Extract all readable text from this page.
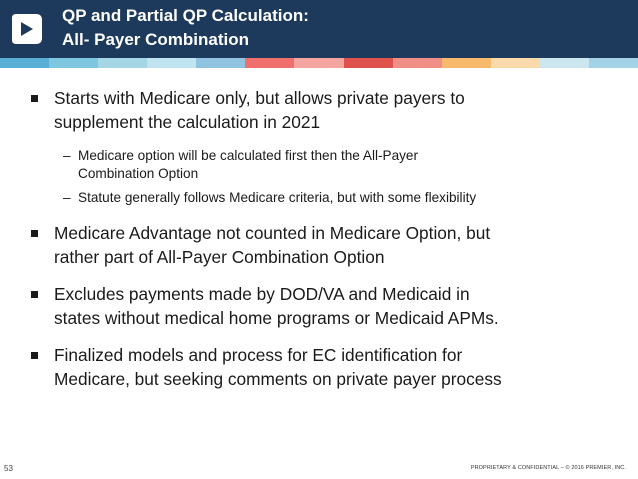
QP and Partial QP Calculation:
All- Payer Combination
Starts with Medicare only, but allows private payers to
supplement the calculation in 2021
– Medicare option will be calculated first then the All-Payer
Combination Option
– Statute generally follows Medicare criteria, but with some flexibility
Medicare Advantage not counted in Medicare Option, but
rather part of All-Payer Combination Option
Excludes payments made by DOD/VA and Medicaid in
states without medical home programs or Medicaid APMs.
Finalized models and process for EC identification for
Medicare, but seeking comments on private payer process
53	PROPRIETARY & CONFIDENTIAL – © 2016 PREMIER, INC.
